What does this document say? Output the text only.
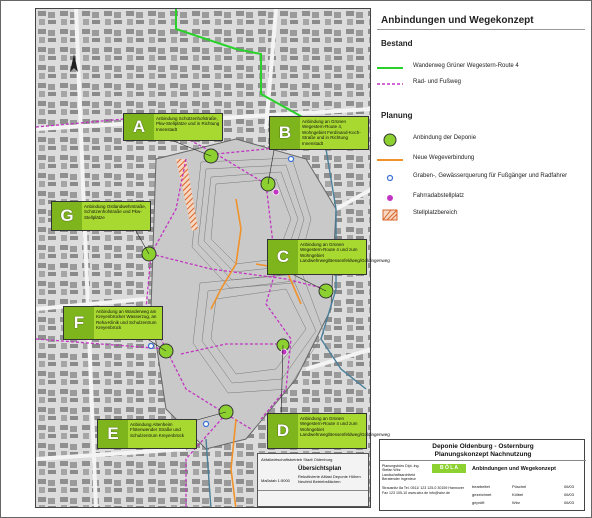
A	Anbindung Schützenhofstraße, Pkw-Stellplätze und in Richtung Innenstadt	B
Anbindung an Grünen Wegestern-Route 4, Wohngebiet Ferdinand-Koch-Straße und in Richtung Innenstadt
G	Anbindung Ostlandwehrstraße, Schützenhofstraße und Pkw-Stellplätze
C
Anbindung an Grünen Wegestern-Route 4 und zum Wohngebiet Landwehrweg/Bessenfeldweg/Goldingenweg
F
Anbindung an Wanderweg am Kreyenbrücker Wasserzug, an Reha-Klinik und Schulzentrum Kreyenbrück
E	Anbindung Altenheim Flötenwender Straße und Schulzentrum Kreyenbrück	D
Anbindung an Grünen Wegestern-Route 4 und zum Wohngebiet Landwehrweg/Bessenfeldweg/Goldingenweg
Abfallwirtschaftsbetrieb Stadt Oldenburg
Übersichtsplan
Rekultivierte Altlast Deponie Höhen Neufeld Betriebsflächen
Maßstab 1:5000
Anbindungen und Wegekonzept
Bestand
Wanderweg Grüner Wegestern-Route 4
Rad- und Fußweg
Planung
Anbindung der Deponie
Neue Wegeverbindung
Graben-, Gewässerquerung für Fußgänger und Radfahrer
Fahrradabstellplatz
Stellplatzbereich
Deponie Oldenburg - Osternburg
Planungskonzept Nachnutzung
Planungsbüro Dipl.-Ing. Stefan Wirz Landschaftsarchitekt Beratender Ingenieur
B Ö L A
Strausnitz 8a Tel. 0511/ 123 125-0 30159 Hannover Fax 123 105-10 www.wirz.de info@wirz.de
Anbindungen und Wegekonzept
bearbeitet	Püschel	06/03
gezeichnet	Kölbel	06/03
geprüft	Wirz	06/03
